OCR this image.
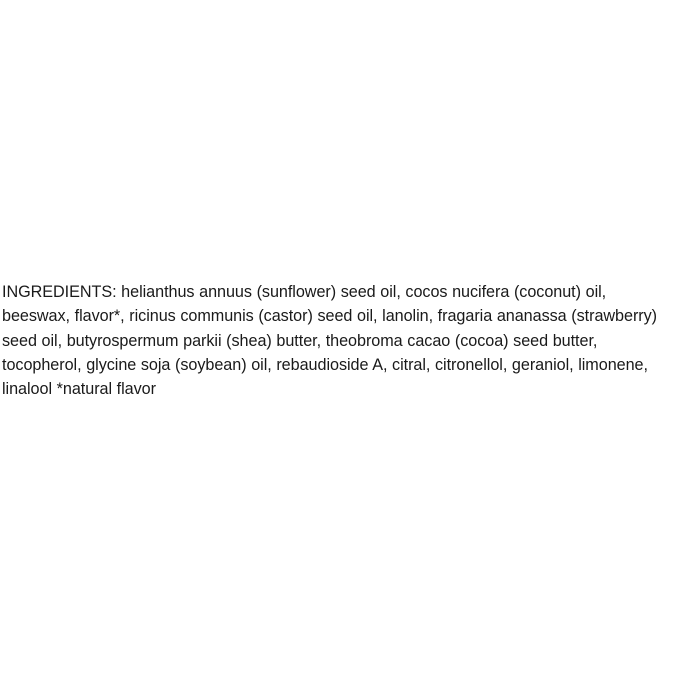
INGREDIENTS: helianthus annuus (sunflower) seed oil, cocos nucifera (coconut) oil, beeswax, flavor*, ricinus communis (castor) seed oil, lanolin, fragaria ananassa (strawberry) seed oil, butyrospermum parkii (shea) butter, theobroma cacao (cocoa) seed butter, tocopherol, glycine soja (soybean) oil, rebaudioside A, citral, citronellol, geraniol, limonene, linalool *natural flavor
